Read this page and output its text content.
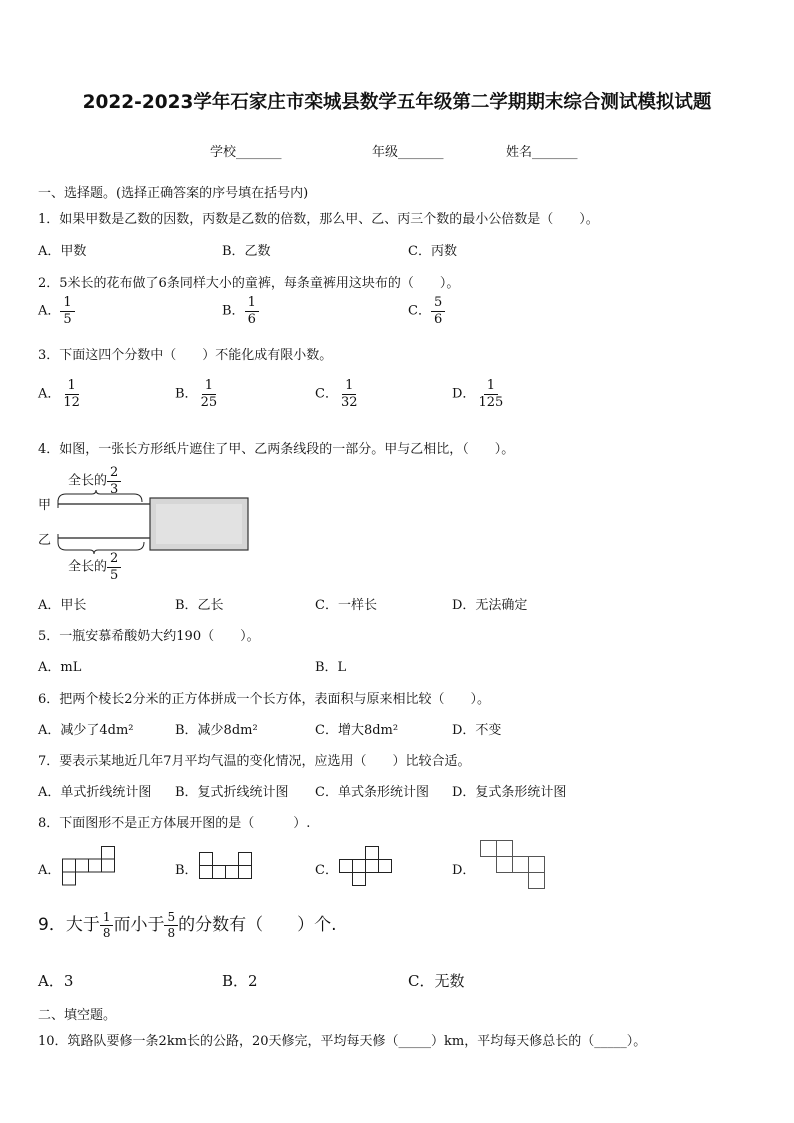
2022-2023学年石家庄市栾城县数学五年级第二学期期末综合测试模拟试题
学校_______	年级_______	姓名_______
一、选择题。(选择正确答案的序号填在括号内)
1．如果甲数是乙数的因数，丙数是乙数的倍数，那么甲、乙、丙三个数的最小公倍数是（　　）。
A．甲数	B．乙数	C．丙数
2．5米长的花布做了6条同样大小的童裤，每条童裤用这块布的（　　）。
A． $\frac{1}{5}$	B． $\frac{1}{6}$	C． $\frac{5}{6}$
3．下面这四个分数中（　　）不能化成有限小数。
A． $\frac{1}{12}$	B． $\frac{1}{25}$	C． $\frac{1}{32}$	D． $\frac{1}{125}$
4．如图，一张长方形纸片遮住了甲、乙两条线段的一部分。甲与乙相比，（　　）。
全长的 $\frac{2}{3}$
甲
乙
全长的 $\frac{2}{5}$
A．甲长	B．乙长	C．一样长	D．无法确定
5．一瓶安慕希酸奶大约190（　　）。
A．mL	B．L
6．把两个棱长2分米的正方体拼成一个长方体，表面积与原来相比较（　　）。
A．减少了4dm²	B．减少8dm²	C．增大8dm²	D．不变
7．要表示某地近几年7月平均气温的变化情况，应选用（　　）比较合适。
A．单式折线统计图 B．复式折线统计图 C．单式条形统计图 D．复式条形统计图
8．下面图形不是正方体展开图的是（　　　）.
A．	B．	C．	D．
9．大于 $\frac{1}{8}$ 而小于 $\frac{5}{8}$ 的分数有（　　）个.
A．3	B．2	C．无数
二、填空题。
10．筑路队要修一条2km长的公路，20天修完，平均每天修（_____）km，平均每天修总长的（_____）。
